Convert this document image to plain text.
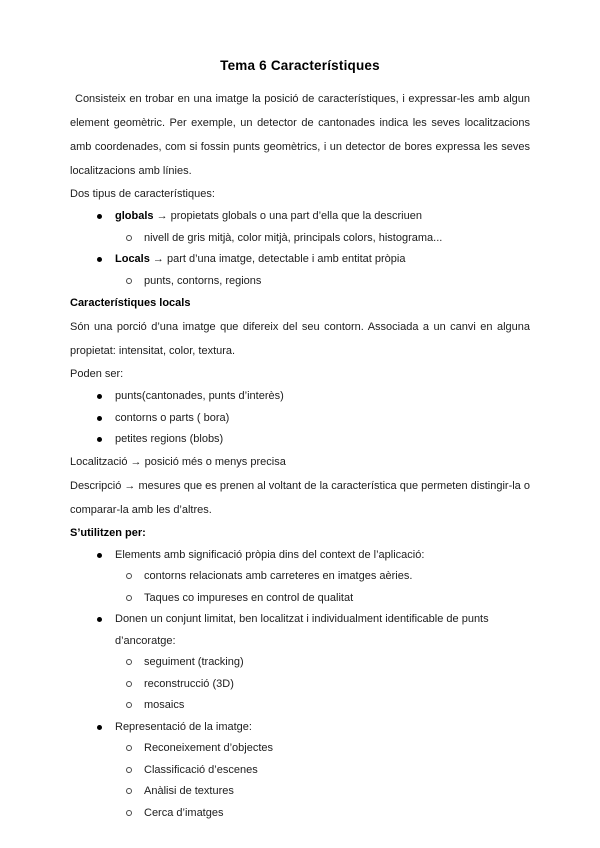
Tema 6 Característiques
Consisteix en trobar en una imatge la posició de característiques, i expressar-les amb algun element geomètric. Per exemple, un detector de cantonades indica les seves localitzacions amb coordenades, com si fossin punts geomètrics, i un detector de bores expressa les seves localitzacions amb línies.
Dos tipus de característiques:
globals → propietats globals o una part d’ella que la descriuen
nivell de gris mitjà, color mitjà, principals colors, histograma...
Locals → part d’una imatge, detectable i amb entitat pròpia
punts, contorns, regions
Característiques locals
Són una porció d’una imatge que difereix del seu contorn. Associada a un canvi en alguna propietat: intensitat, color, textura.
Poden ser:
punts(cantonades, punts d’interès)
contorns o parts ( bora)
petites regions (blobs)
Localització → posició més o menys precisa
Descripció → mesures que es prenen al voltant de la característica que permeten distingir-la o comparar-la amb les d’altres.
S’utilitzen per:
Elements amb significació pròpia dins del context de l’aplicació:
contorns relacionats amb carreteres en imatges aèries.
Taques co impureses en control de qualitat
Donen un conjunt limitat, ben localitzat i individualment identificable de punts d’ancoratge:
seguiment (tracking)
reconstrucció (3D)
mosaics
Representació de la imatge:
Reconeixement d’objectes
Classificació d’escenes
Anàlisi de textures
Cerca d’imatges
